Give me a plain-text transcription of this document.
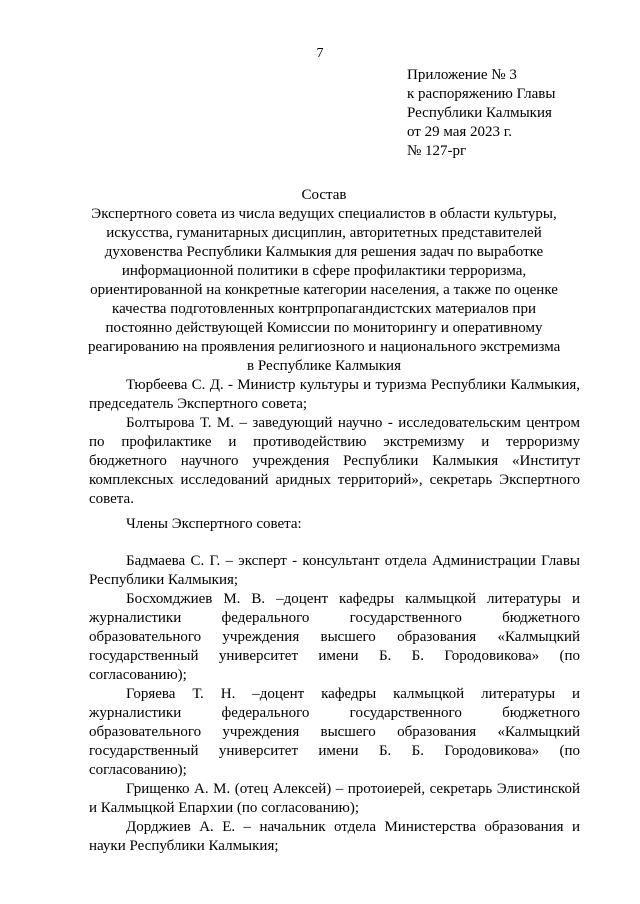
7
Приложение № 3
к распоряжению Главы
Республики Калмыкия
от 29 мая 2023 г.
№ 127-рг
Состав
Экспертного совета из числа ведущих специалистов в области культуры,
искусства, гуманитарных дисциплин, авторитетных представителей
духовенства Республики Калмыкия для решения задач по выработке
информационной политики в сфере профилактики терроризма,
ориентированной на конкретные категории населения, а также по оценке
качества подготовленных контрпропагандистских материалов при
постоянно действующей Комиссии по мониторингу и оперативному
реагированию на проявления религиозного и национального экстремизма
в Республике Калмыкия

Тюрбеева С. Д. - Министр культуры и туризма Республики Калмыкия, председатель Экспертного совета;

Болтырова Т. М. – заведующий научно - исследовательским центром по профилактике и противодействию экстремизму и терроризму бюджетного научного учреждения Республики Калмыкия «Институт комплексных исследований аридных территорий», секретарь Экспертного совета.

Члены Экспертного совета:

Бадмаева С. Г. – эксперт - консультант отдела Администрации Главы Республики Калмыкия;

Босхомджиев М. В. –доцент кафедры калмыцкой литературы и журналистики федерального государственного бюджетного образовательного учреждения высшего образования «Калмыцкий государственный университет имени Б. Б. Городовикова» (по согласованию);

Горяева Т. Н. –доцент кафедры калмыцкой литературы и журналистики федерального государственного бюджетного образовательного учреждения высшего образования «Калмыцкий государственный университет имени Б. Б. Городовикова» (по согласованию);

Грищенко А. М. (отец Алексей) – протоиерей, секретарь Элистинской и Калмыцкой Епархии (по согласованию);

Дорджиев А. Е. – начальник отдела Министерства образования и науки Республики Калмыкия;
